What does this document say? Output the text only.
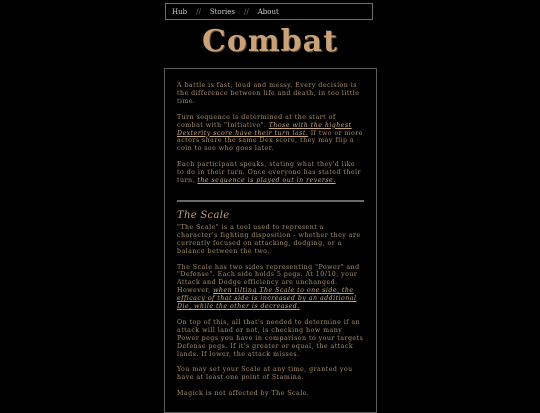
Hub // Stories // About
Combat

A battle is fast, loud and messy. Every decision is the difference between life and death, in too little time.

Turn sequence is determined at the start of combat with "Initiative". Those with the highest Dexterity score have their turn last. If two or more actors share the same Dex score, they may flip a coin to see who goes later.

Each participant speaks, stating what they'd like to do in their turn. Once everyone has stated their turn, the sequence is played out in reverse.

The Scale

"The Scale" is a tool used to represent a character's fighting disposition - whether they are currently focused on attacking, dodging, or a balance between the two.

The Scale has two sides representing "Power" and "Defense". Each side holds 5 pegs. At 10/10, your Attack and Dodge efficiency are unchanged. However, when tilting The Scale to one side, the efficacy of that side is increased by an additional Die, while the other is decreased.

On top of this, all that's needed to determine if an attack will land or not, is checking how many Power pegs you have in comparison to your targets Defense pegs. If it's greater or equal, the attack lands. If lower, the attack misses.

You may set your Scale at any time, granted you have at least one point of Stamina.

Magick is not affected by The Scale.
